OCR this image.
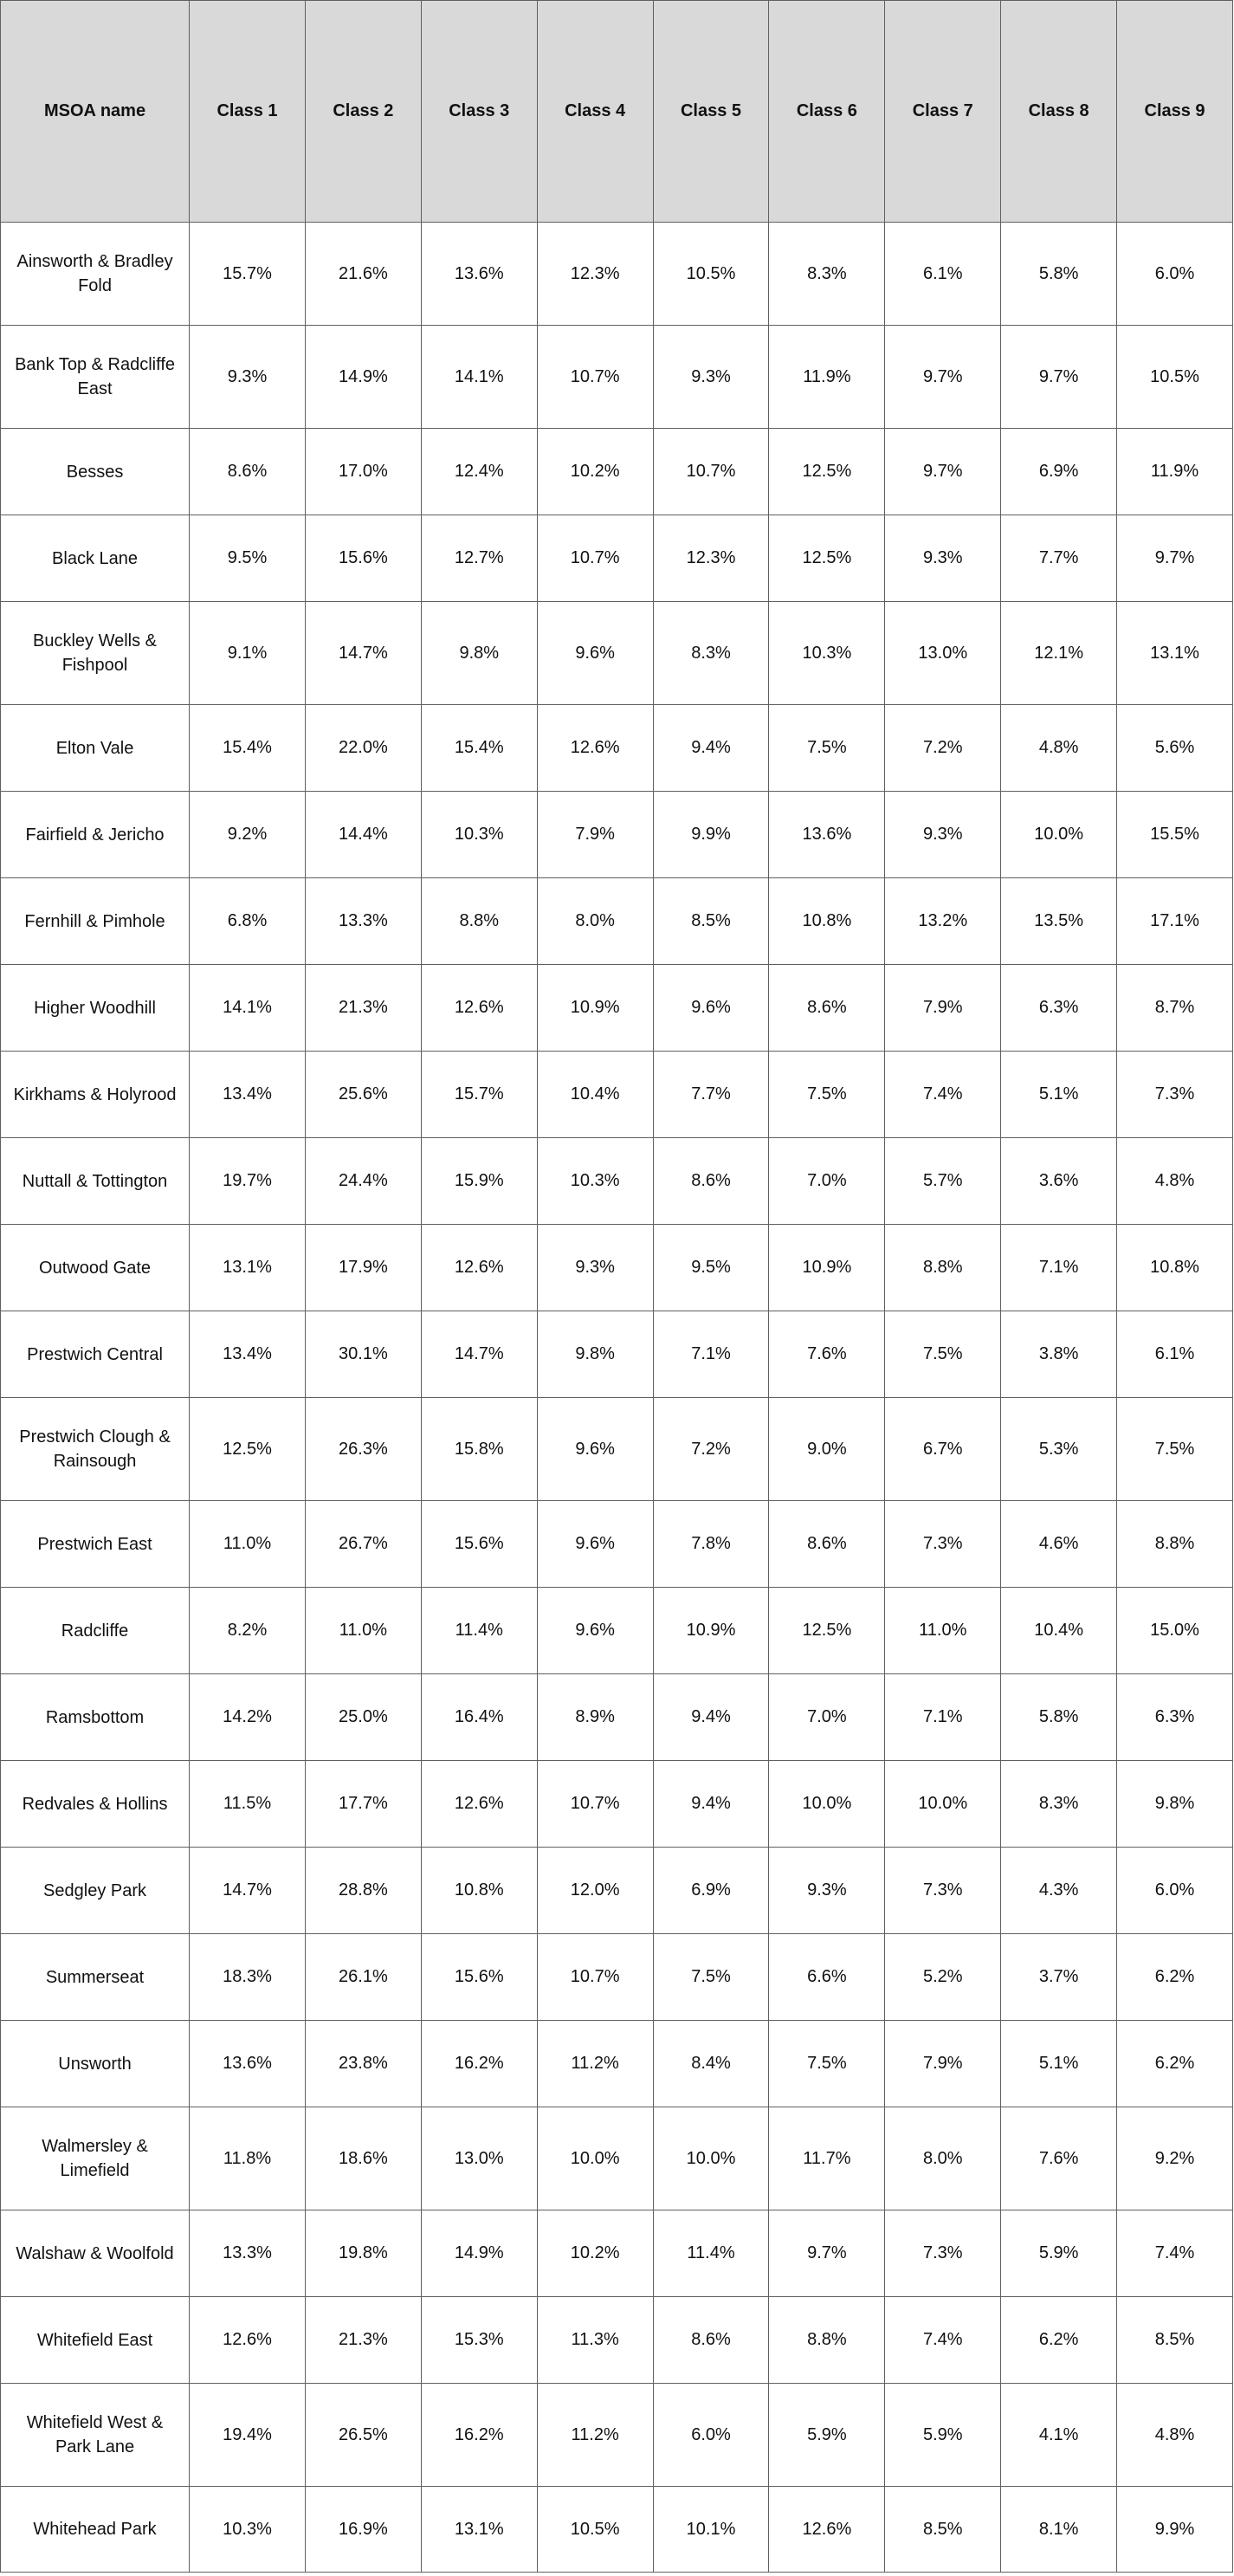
MSOA name	Class 1	Class 2	Class 3	Class 4	Class 5	Class 6	Class 7	Class 8	Class 9
Ainsworth & Bradley Fold	15.7%	21.6%	13.6%	12.3%	10.5%	8.3%	6.1%	5.8%	6.0%
Bank Top & Radcliffe East	9.3%	14.9%	14.1%	10.7%	9.3%	11.9%	9.7%	9.7%	10.5%
Besses	8.6%	17.0%	12.4%	10.2%	10.7%	12.5%	9.7%	6.9%	11.9%
Black Lane	9.5%	15.6%	12.7%	10.7%	12.3%	12.5%	9.3%	7.7%	9.7%
Buckley Wells & Fishpool	9.1%	14.7%	9.8%	9.6%	8.3%	10.3%	13.0%	12.1%	13.1%
Elton Vale	15.4%	22.0%	15.4%	12.6%	9.4%	7.5%	7.2%	4.8%	5.6%
Fairfield & Jericho	9.2%	14.4%	10.3%	7.9%	9.9%	13.6%	9.3%	10.0%	15.5%
Fernhill & Pimhole	6.8%	13.3%	8.8%	8.0%	8.5%	10.8%	13.2%	13.5%	17.1%
Higher Woodhill	14.1%	21.3%	12.6%	10.9%	9.6%	8.6%	7.9%	6.3%	8.7%
Kirkhams & Holyrood	13.4%	25.6%	15.7%	10.4%	7.7%	7.5%	7.4%	5.1%	7.3%
Nuttall & Tottington	19.7%	24.4%	15.9%	10.3%	8.6%	7.0%	5.7%	3.6%	4.8%
Outwood Gate	13.1%	17.9%	12.6%	9.3%	9.5%	10.9%	8.8%	7.1%	10.8%
Prestwich Central	13.4%	30.1%	14.7%	9.8%	7.1%	7.6%	7.5%	3.8%	6.1%
Prestwich Clough & Rainsough	12.5%	26.3%	15.8%	9.6%	7.2%	9.0%	6.7%	5.3%	7.5%
Prestwich East	11.0%	26.7%	15.6%	9.6%	7.8%	8.6%	7.3%	4.6%	8.8%
Radcliffe	8.2%	11.0%	11.4%	9.6%	10.9%	12.5%	11.0%	10.4%	15.0%
Ramsbottom	14.2%	25.0%	16.4%	8.9%	9.4%	7.0%	7.1%	5.8%	6.3%
Redvales & Hollins	11.5%	17.7%	12.6%	10.7%	9.4%	10.0%	10.0%	8.3%	9.8%
Sedgley Park	14.7%	28.8%	10.8%	12.0%	6.9%	9.3%	7.3%	4.3%	6.0%
Summerseat	18.3%	26.1%	15.6%	10.7%	7.5%	6.6%	5.2%	3.7%	6.2%
Unsworth	13.6%	23.8%	16.2%	11.2%	8.4%	7.5%	7.9%	5.1%	6.2%
Walmersley & Limefield	11.8%	18.6%	13.0%	10.0%	10.0%	11.7%	8.0%	7.6%	9.2%
Walshaw & Woolfold	13.3%	19.8%	14.9%	10.2%	11.4%	9.7%	7.3%	5.9%	7.4%
Whitefield East	12.6%	21.3%	15.3%	11.3%	8.6%	8.8%	7.4%	6.2%	8.5%
Whitefield West & Park Lane	19.4%	26.5%	16.2%	11.2%	6.0%	5.9%	5.9%	4.1%	4.8%
Whitehead Park	10.3%	16.9%	13.1%	10.5%	10.1%	12.6%	8.5%	8.1%	9.9%
